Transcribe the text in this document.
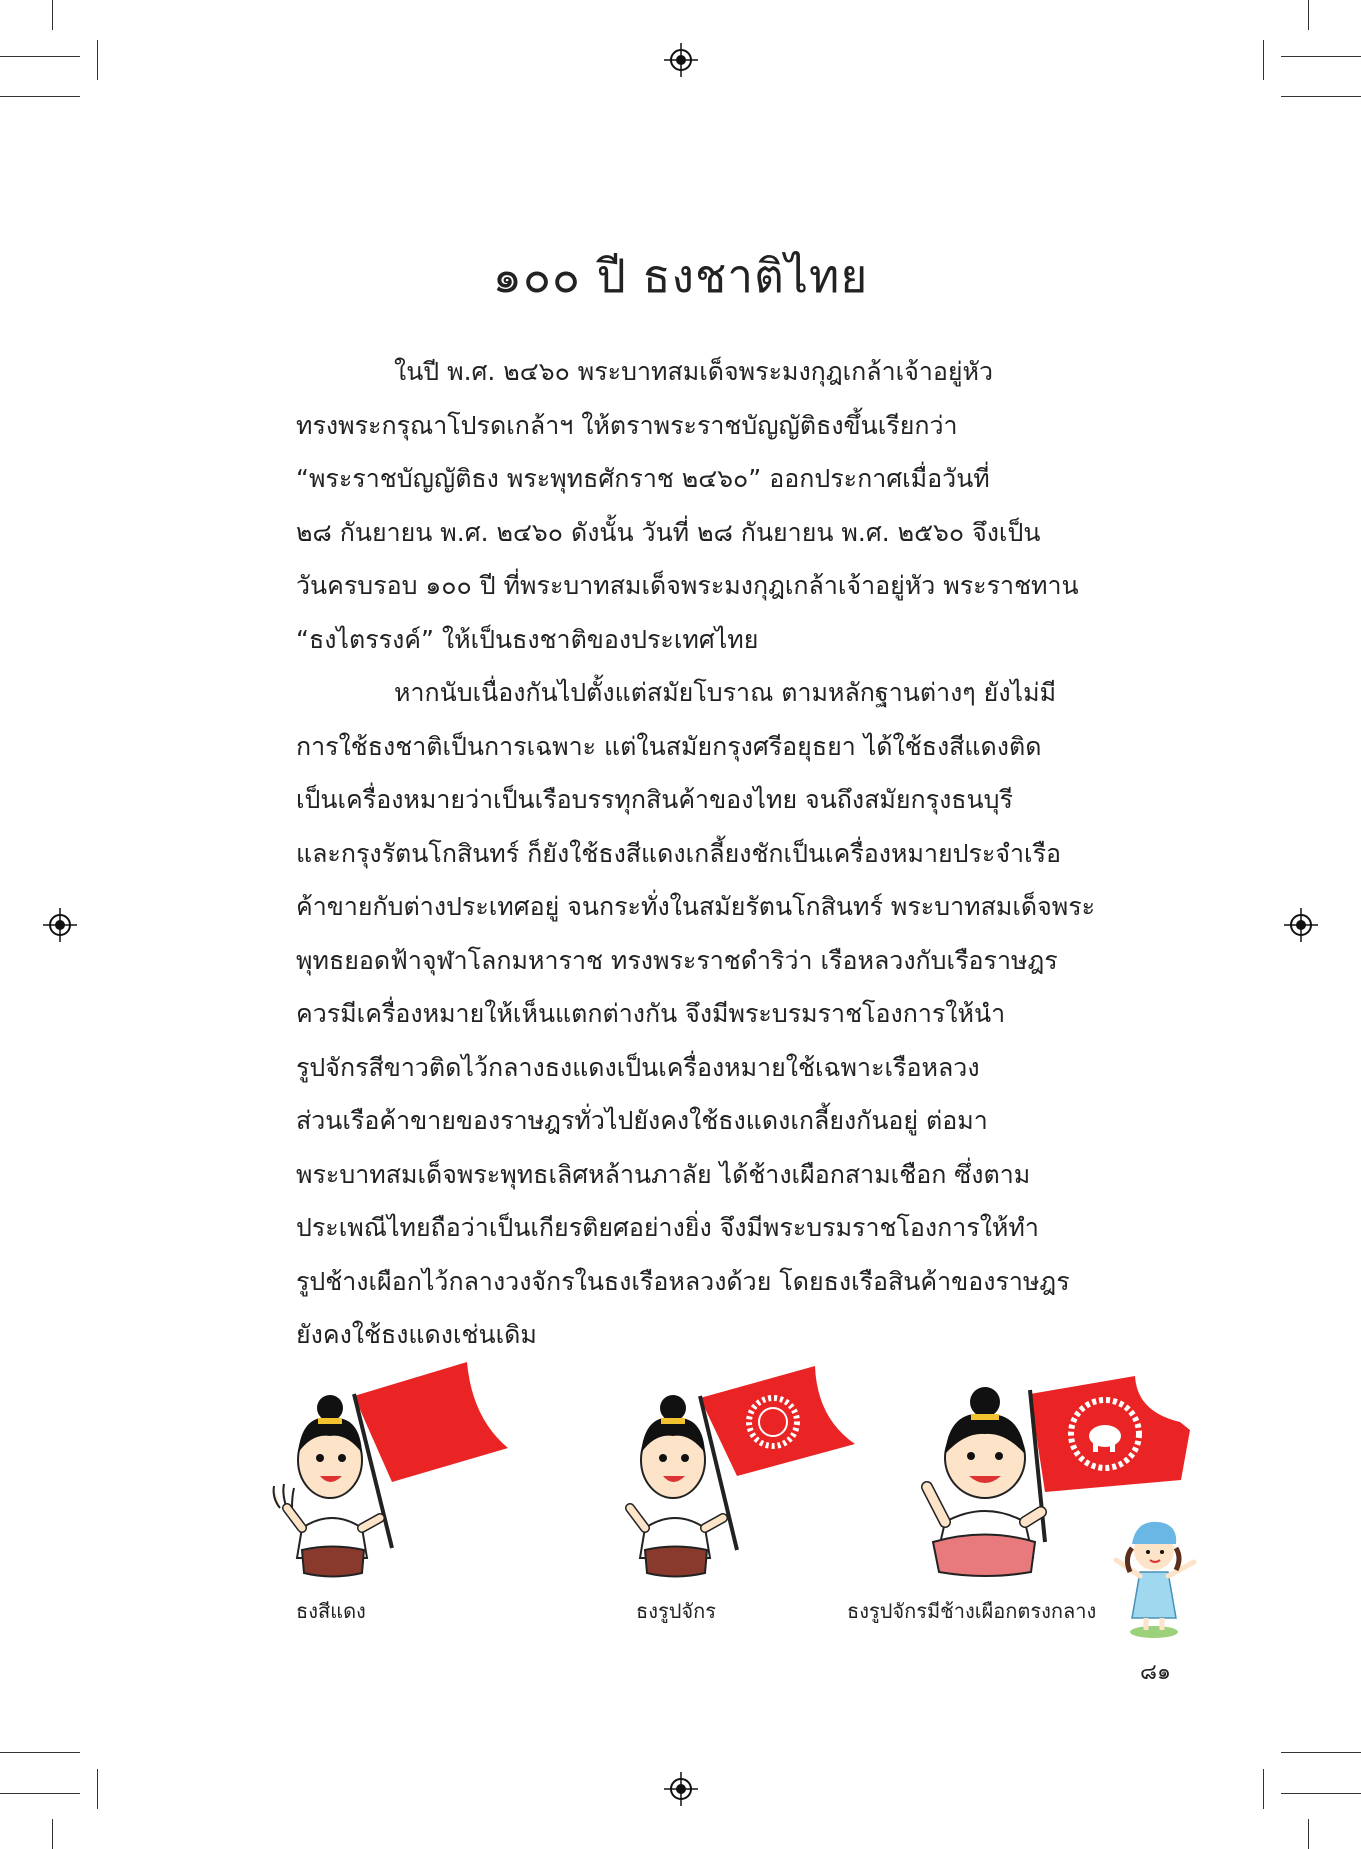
๑๐๐ ปี ธงชาติไทย

ในปี พ.ศ. ๒๔๖๐ พระบาทสมเด็จพระมงกุฎเกล้าเจ้าอยู่หัว

ทรงพระกรุณาโปรดเกล้าฯ ให้ตราพระราชบัญญัติธงขึ้นเรียกว่า

“พระราชบัญญัติธง พระพุทธศักราช ๒๔๖๐” ออกประกาศเมื่อวันที่

๒๘ กันยายน พ.ศ. ๒๔๖๐ ดังนั้น วันที่ ๒๘ กันยายน พ.ศ. ๒๕๖๐ จึงเป็น

วันครบรอบ ๑๐๐ ปี ที่พระบาทสมเด็จพระมงกุฎเกล้าเจ้าอยู่หัว พระราชทาน

“ธงไตรรงค์” ให้เป็นธงชาติของประเทศไทย

หากนับเนื่องกันไปตั้งแต่สมัยโบราณ ตามหลักฐานต่างๆ ยังไม่มี

การใช้ธงชาติเป็นการเฉพาะ แต่ในสมัยกรุงศรีอยุธยา ได้ใช้ธงสีแดงติด

เป็นเครื่องหมายว่าเป็นเรือบรรทุกสินค้าของไทย จนถึงสมัยกรุงธนบุรี

และกรุงรัตนโกสินทร์ ก็ยังใช้ธงสีแดงเกลี้ยงชักเป็นเครื่องหมายประจำเรือ

ค้าขายกับต่างประเทศอยู่ จนกระทั่งในสมัยรัตนโกสินทร์ พระบาทสมเด็จพระ

พุทธยอดฟ้าจุฬาโลกมหาราช ทรงพระราชดำริว่า เรือหลวงกับเรือราษฎร

ควรมีเครื่องหมายให้เห็นแตกต่างกัน จึงมีพระบรมราชโองการให้นำ

รูปจักรสีขาวติดไว้กลางธงแดงเป็นเครื่องหมายใช้เฉพาะเรือหลวง

ส่วนเรือค้าขายของราษฎรทั่วไปยังคงใช้ธงแดงเกลี้ยงกันอยู่ ต่อมา

พระบาทสมเด็จพระพุทธเลิศหล้านภาลัย ได้ช้างเผือกสามเชือก ซึ่งตาม

ประเพณีไทยถือว่าเป็นเกียรติยศอย่างยิ่ง จึงมีพระบรมราชโองการให้ทำ

รูปช้างเผือกไว้กลางวงจักรในธงเรือหลวงด้วย โดยธงเรือสินค้าของราษฎร

ยังคงใช้ธงแดงเช่นเดิม

ธงสีแดง	ธงรูปจักร	ธงรูปจักรมีช้างเผือกตรงกลาง
๘๑
